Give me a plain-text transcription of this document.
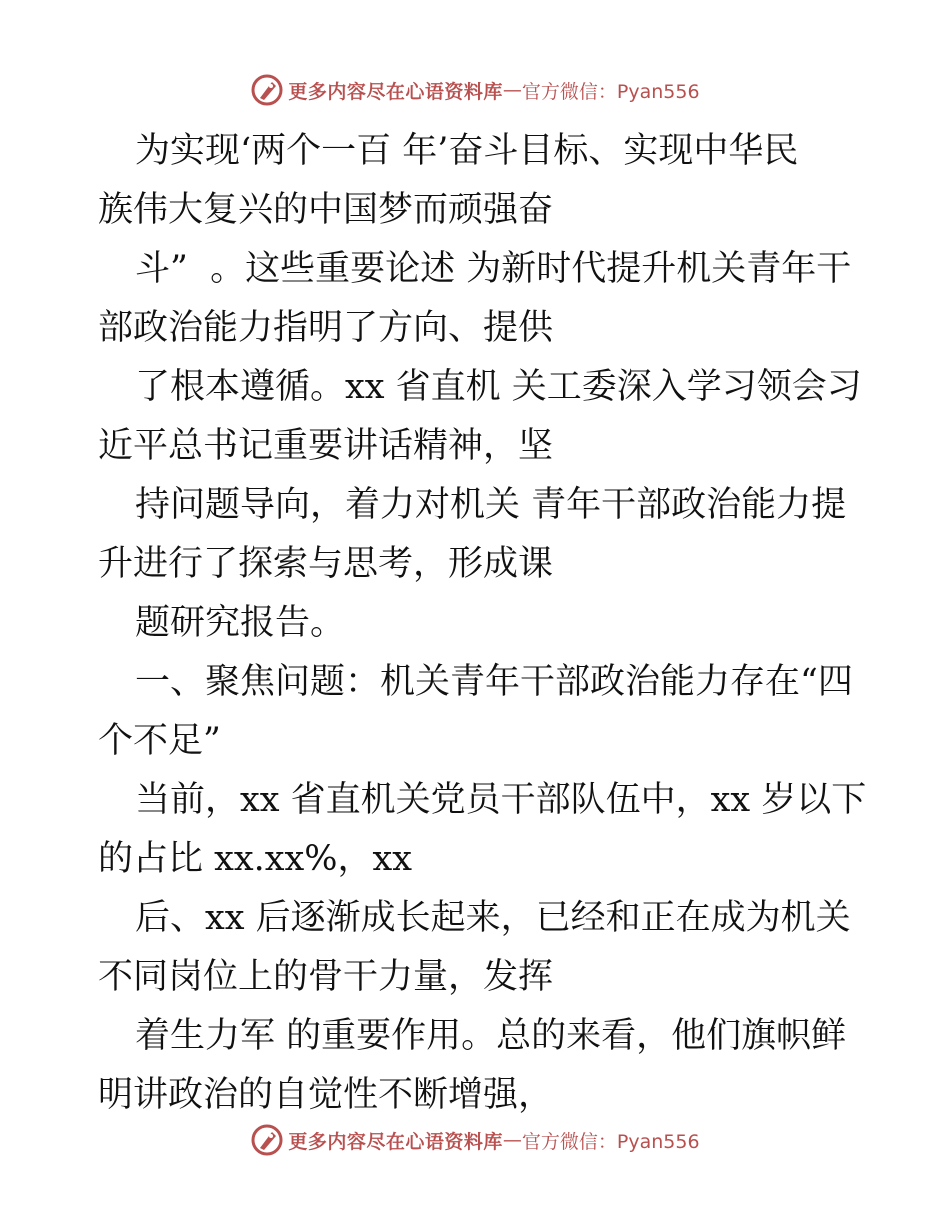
更多内容尽在心语资料库 — 官方微信：Pyan556
为实现‘两个一百 年’奋斗目标、实现中华民
族伟大复兴的中国梦而顽强奋
斗”  。这些重要论述 为新时代提升机关青年干
部政治能力指明了方向、提供
了根本遵循。xx 省直机 关工委深入学习领会习
近平总书记重要讲话精神，坚
持问题导向，着力对机关 青年干部政治能力提
升进行了探索与思考，形成课
题研究报告。
一、聚焦问题：机关青年干部政治能力存在“四
个不足”
当前，xx 省直机关党员干部队伍中，xx 岁以下
的占比 xx.xx%，xx
后、xx 后逐渐成长起来，已经和正在成为机关
不同岗位上的骨干力量，发挥
着生力军 的重要作用。总的来看，他们旗帜鲜
明讲政治的自觉性不断增强，
更多内容尽在心语资料库 — 官方微信：Pyan556
